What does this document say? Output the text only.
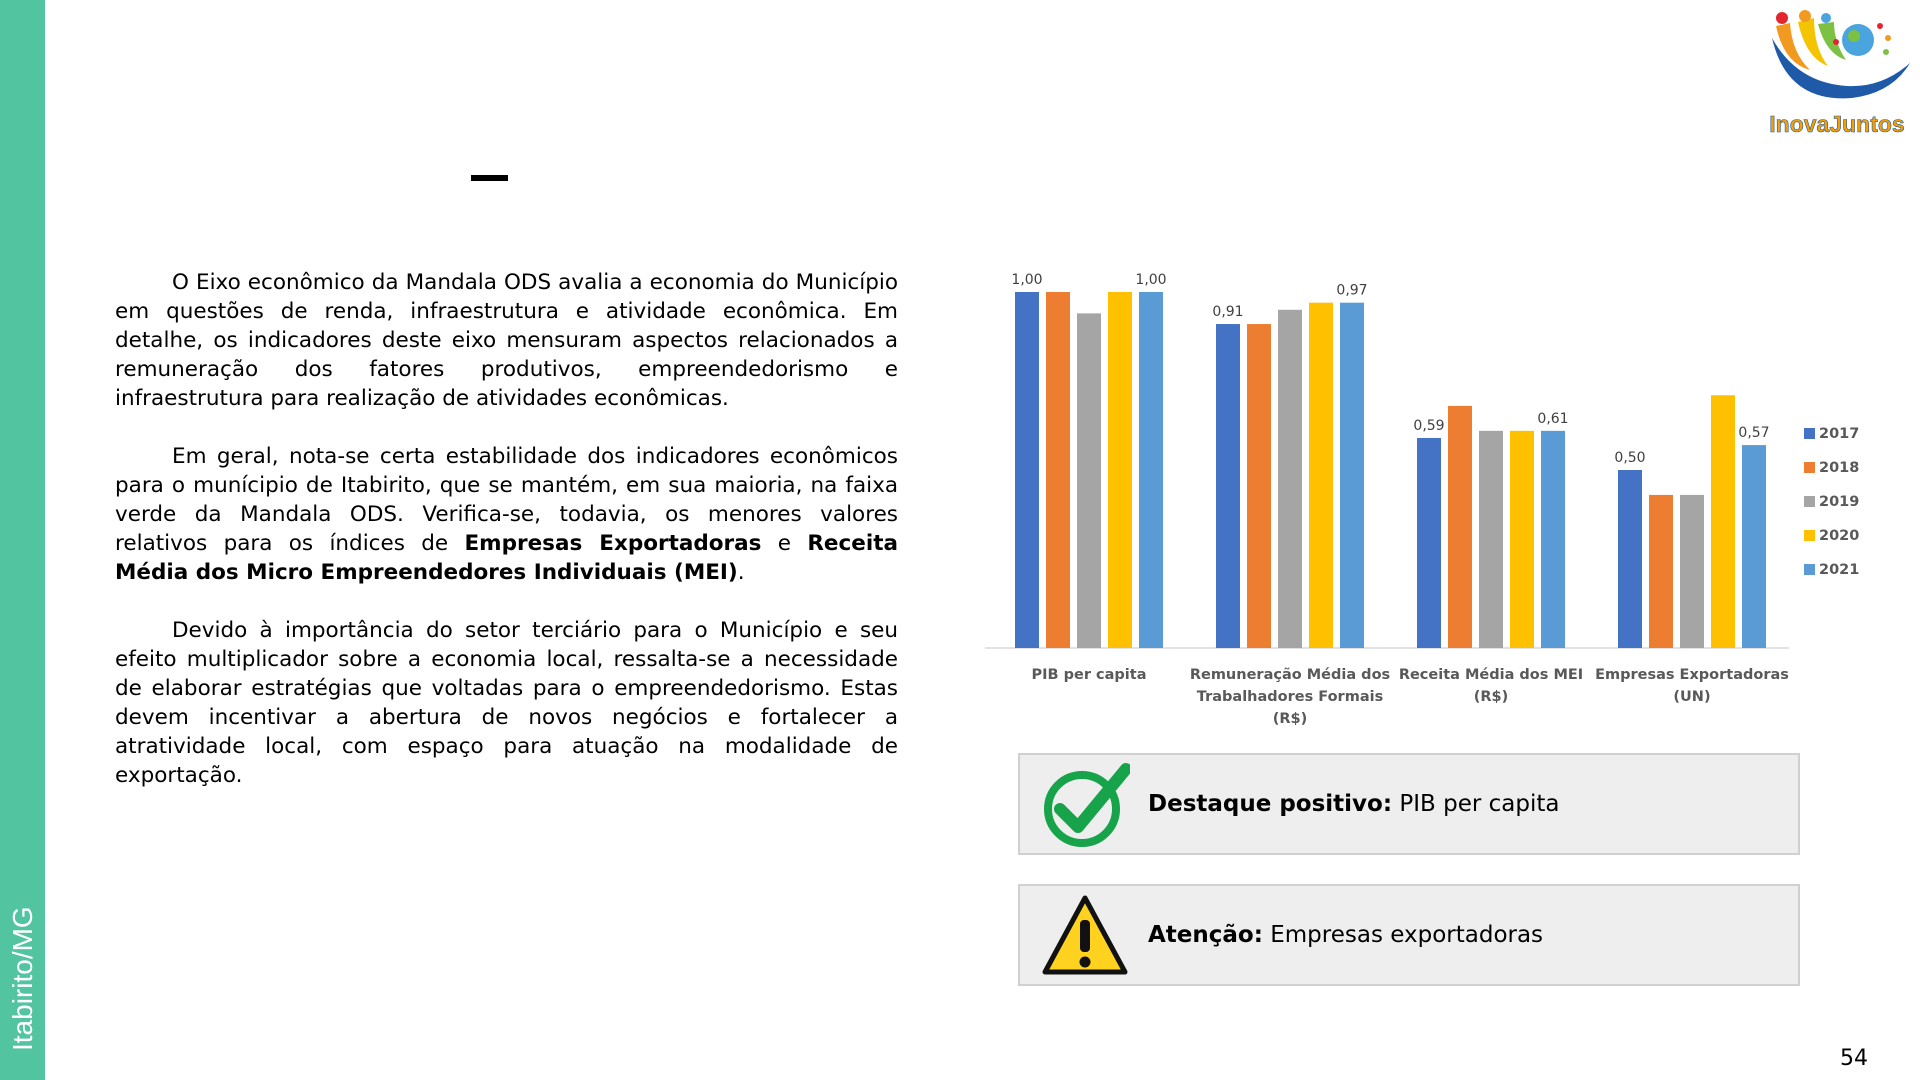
Itabirito/MG
InovaJuntos

O Eixo econômico da Mandala ODS avalia a economia do Município em questões de renda, infraestrutura e atividade econômica. Em detalhe, os indicadores deste eixo mensuram aspectos relacionados a remuneração dos fatores produtivos, empreendedorismo e infraestrutura para realização de atividades econômicas.

Em geral, nota-se certa estabilidade dos indicadores econômicos para o munícipio de Itabirito, que se mantém, em sua maioria, na faixa verde da Mandala ODS. Verifica-se, todavia, os menores valores relativos para os índices de Empresas Exportadoras e Receita Média dos Micro Empreendedores Individuais (MEI).

Devido à importância do setor terciário para o Município e seu efeito multiplicador sobre a economia local, ressalta-se a necessidade de elaborar estratégias que voltadas para o empreendedorismo. Estas devem incentivar a abertura de novos negócios e fortalecer a atratividade local, com espaço para atuação na modalidade de exportação.

PIB per capita	Remuneração Média dos
Trabalhadores Formais
(R$)
Receita Média dos MEI
(R$)
Empresas Exportadoras
(UN)
1,00	1,00
0,91
0,97
0,59	0,61
0,50
0,57	2017
2018
2019
2020
2021
Destaque positivo: PIB per capita
Atenção: Empresas exportadoras
54
